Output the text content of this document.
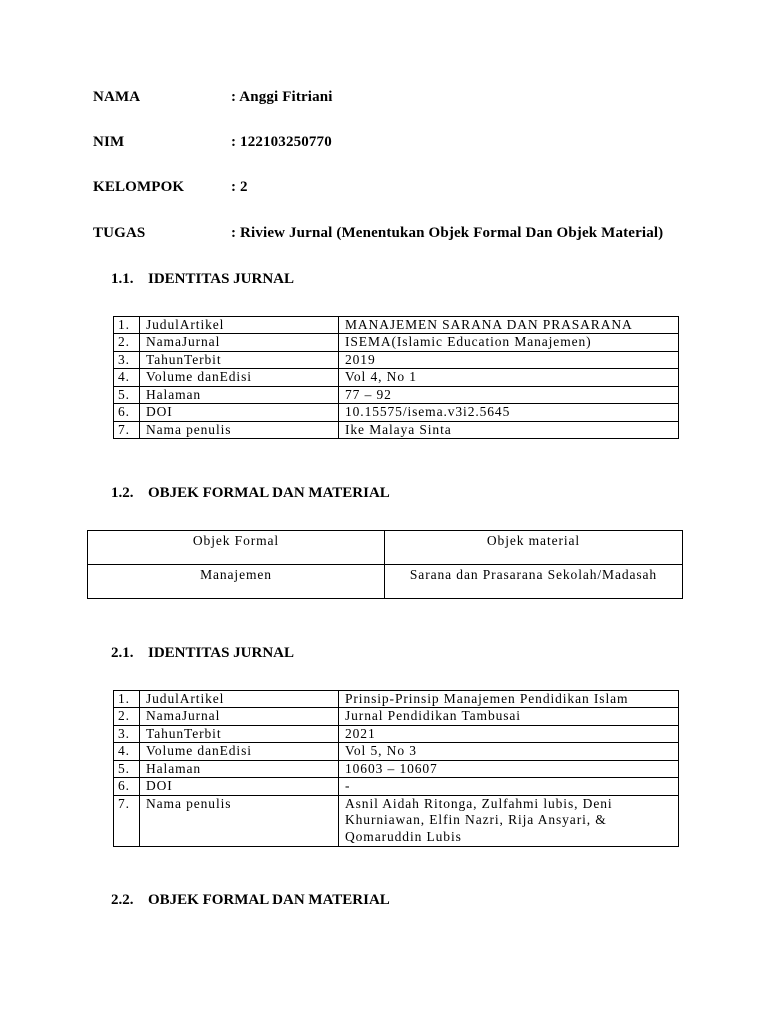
NAMA	: Anggi Fitriani
NIM	: 122103250770
KELOMPOK	: 2
TUGAS	: Riview Jurnal (Menentukan Objek Formal Dan Objek Material)
1.1. IDENTITAS JURNAL
1.	JudulArtikel	MANAJEMEN SARANA DAN PRASARANA
2.	NamaJurnal	ISEMA(Islamic Education Manajemen)
3.	TahunTerbit	2019
4.	Volume danEdisi	Vol 4, No 1
5.	Halaman	77 – 92
6.	DOI	10.15575/isema.v3i2.5645
7.	Nama penulis	Ike Malaya Sinta
1.2. OBJEK FORMAL DAN MATERIAL
Objek Formal	Objek material
Manajemen	Sarana dan Prasarana Sekolah/Madasah
2.1. IDENTITAS JURNAL
1.	JudulArtikel	Prinsip-Prinsip Manajemen Pendidikan Islam
2.	NamaJurnal	Jurnal Pendidikan Tambusai
3.	TahunTerbit	2021
4.	Volume danEdisi	Vol 5, No 3
5.	Halaman	10603 – 10607
6.	DOI	-
7.	Nama penulis	Asnil Aidah Ritonga, Zulfahmi lubis, Deni
Khurniawan, Elfin Nazri, Rija Ansyari, &
Qomaruddin Lubis
2.2. OBJEK FORMAL DAN MATERIAL
